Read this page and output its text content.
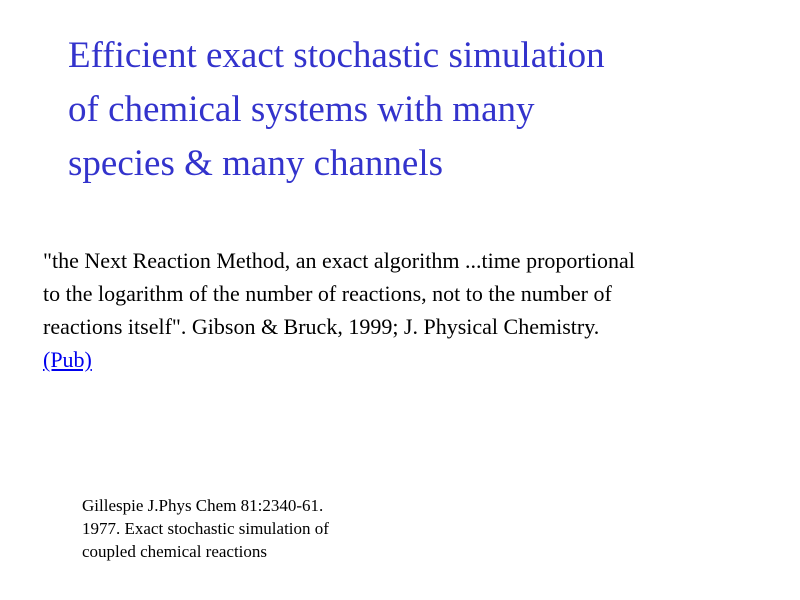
Efficient exact stochastic simulation
of chemical systems with many
species & many channels
"the Next Reaction Method, an exact algorithm ...time proportional
to the logarithm of the number of reactions, not to the number of
reactions itself". Gibson & Bruck, 1999; J. Physical Chemistry.
(Pub)
Gillespie J.Phys Chem 81:2340-61.
1977. Exact stochastic simulation of
coupled chemical reactions
